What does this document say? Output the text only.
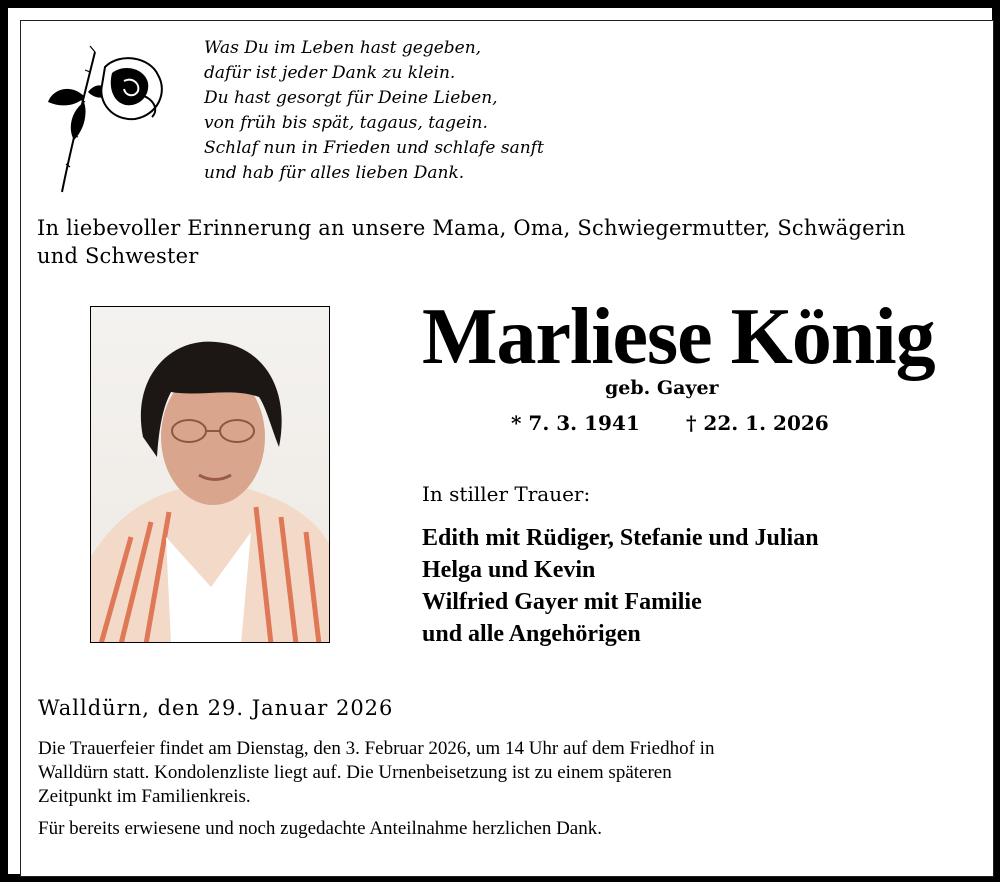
Was Du im Leben hast gegeben,
dafür ist jeder Dank zu klein.
Du hast gesorgt für Deine Lieben,
von früh bis spät, tagaus, tagein.
Schlaf nun in Frieden und schlafe sanft
und hab für alles lieben Dank.
In liebevoller Erinnerung an unsere Mama, Oma, Schwiegermutter, Schwägerin
und Schwester
Marliese König
geb. Gayer
* 7. 3. 1941 † 22. 1. 2026
In stiller Trauer:
Edith mit Rüdiger, Stefanie und Julian
Helga und Kevin
Wilfried Gayer mit Familie
und alle Angehörigen
Walldürn, den 29. Januar 2026
Die Trauerfeier findet am Dienstag, den 3. Februar 2026, um 14 Uhr auf dem Friedhof in
Walldürn statt. Kondolenzliste liegt auf. Die Urnenbeisetzung ist zu einem späteren
Zeitpunkt im Familienkreis.
Für bereits erwiesene und noch zugedachte Anteilnahme herzlichen Dank.
